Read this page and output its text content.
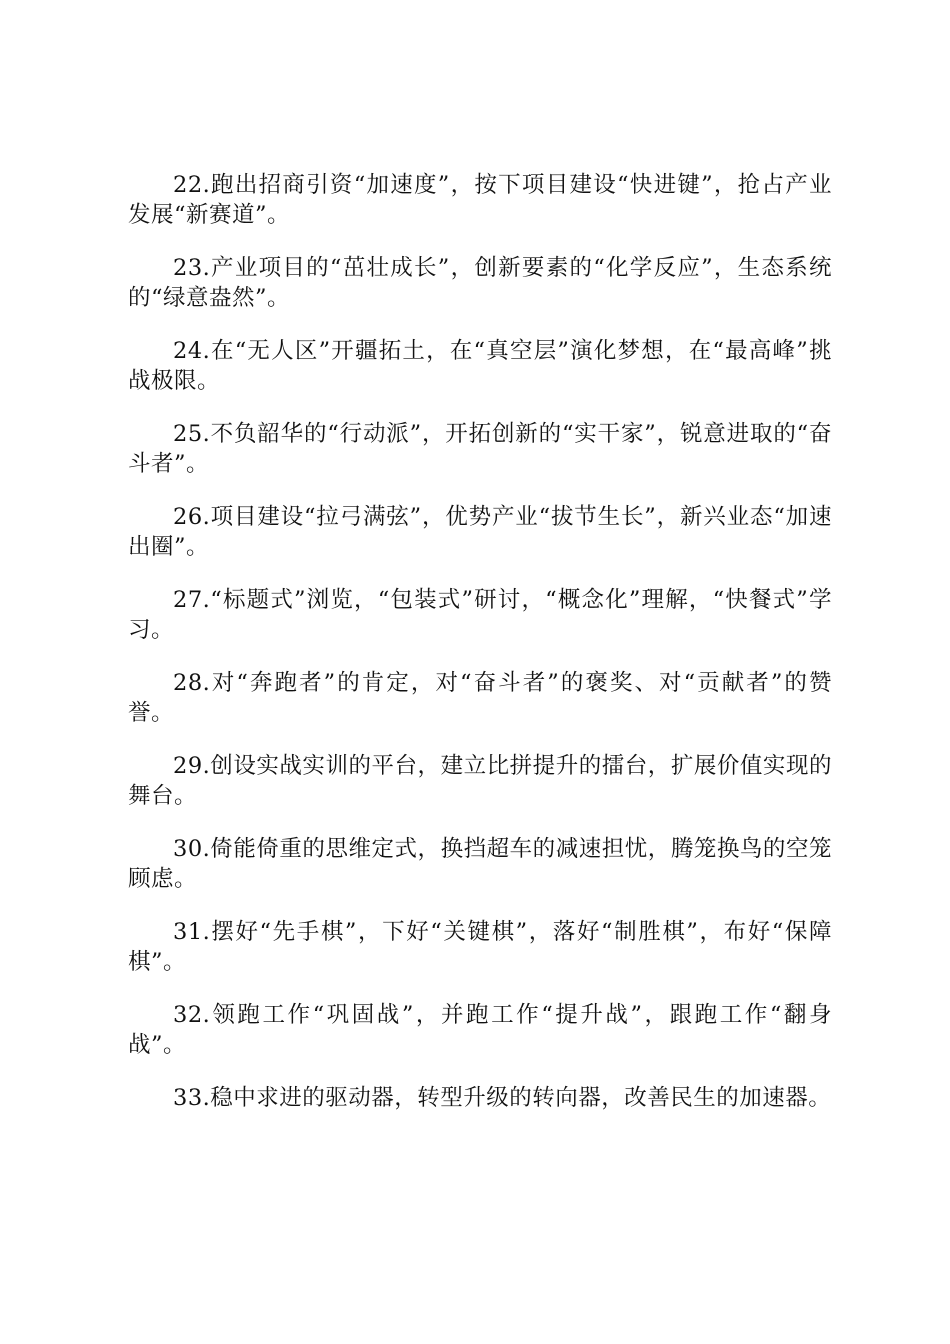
22.跑出招商引资“加速度”，按下项目建设“快进键”，抢占产业发展“新赛道”。

23.产业项目的“茁壮成长”，创新要素的“化学反应”，生态系统的“绿意盎然”。

24.在“无人区”开疆拓土，在“真空层”演化梦想，在“最高峰”挑战极限。

25.不负韶华的“行动派”，开拓创新的“实干家”，锐意进取的“奋斗者”。

26.项目建设“拉弓满弦”，优势产业“拔节生长”，新兴业态“加速出圈”。

27.“标题式”浏览，“包装式”研讨，“概念化”理解，“快餐式”学习。

28.对“奔跑者”的肯定，对“奋斗者”的褒奖、对“贡献者”的赞誉。

29.创设实战实训的平台，建立比拼提升的擂台，扩展价值实现的舞台。

30.倚能倚重的思维定式，换挡超车的减速担忧，腾笼换鸟的空笼顾虑。

31.摆好“先手棋”，下好“关键棋”，落好“制胜棋”，布好“保障棋”。

32.领跑工作“巩固战”，并跑工作“提升战”，跟跑工作“翻身战”。

33.稳中求进的驱动器，转型升级的转向器，改善民生的加速器。
